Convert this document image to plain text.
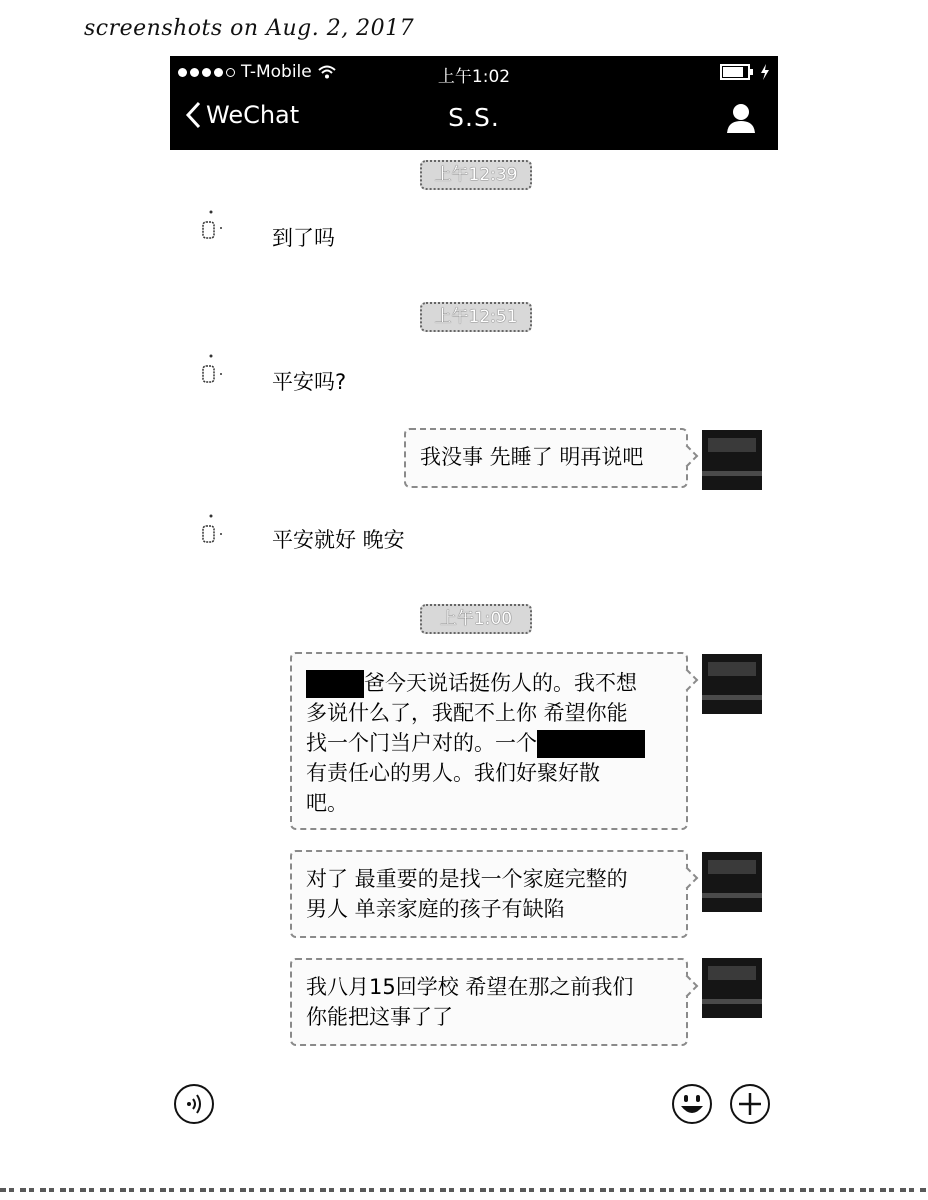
screenshots on Aug. 2, 2017
T-Mobile	上午1:02
WeChat	S.S.
上午12:39
到了吗
上午12:51
平安吗?
我没事 先睡了 明再说吧
平安就好 晚安
上午1:00
爸今天说话挺伤人的。我不想
多说什么了，我配不上你 希望你能
找一个门当户对的。一个
有责任心的男人。我们好聚好散
吧。
对了 最重要的是找一个家庭完整的
男人 单亲家庭的孩子有缺陷
我八月15回学校 希望在那之前我们
你能把这事了了
